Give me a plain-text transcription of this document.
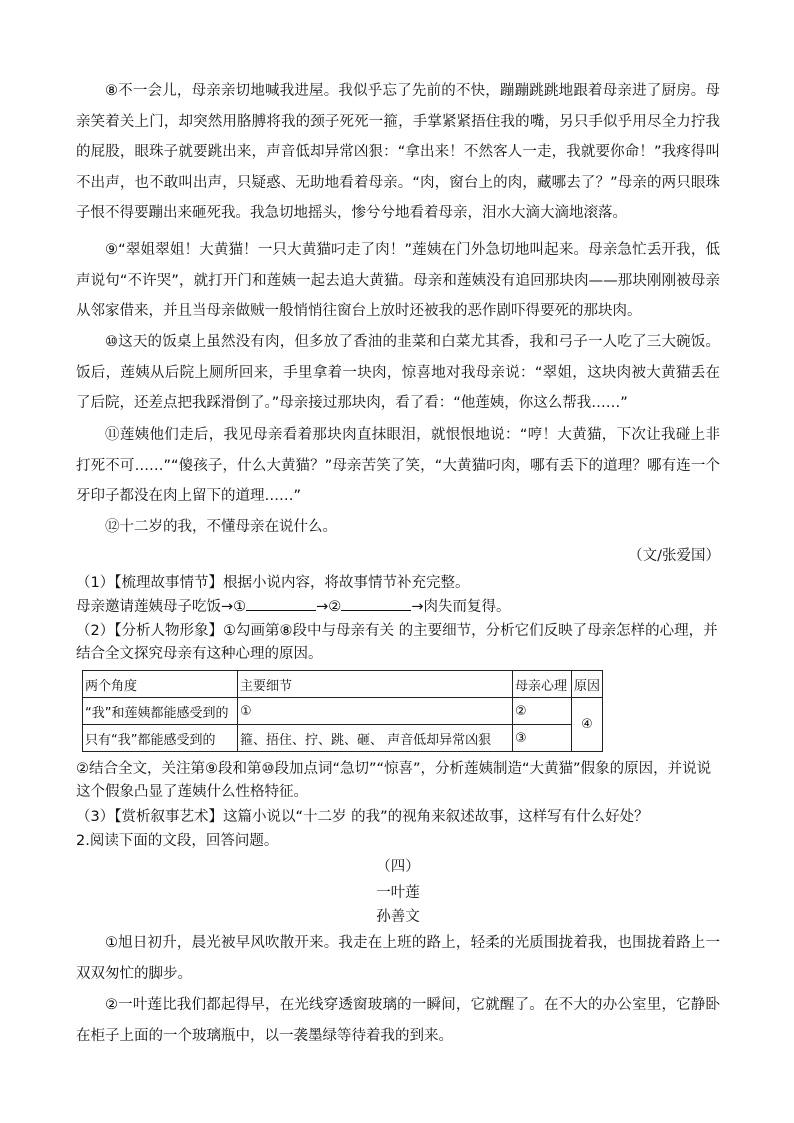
⑧不一会儿，母亲亲切地喊我进屋。我似乎忘了先前的不快，蹦蹦跳跳地跟着母亲进了厨房。母亲笑着关上门，却突然用胳膊将我的颈子死死一箍，手掌紧紧捂住我的嘴，另只手似乎用尽全力拧我的屁股，眼珠子就要跳出来，声音低却异常凶狠：“拿出来！不然客人一走，我就要你命！”我疼得叫不出声，也不敢叫出声，只疑惑、无助地看着母亲。“肉，窗台上的肉，藏哪去了？”母亲的两只眼珠子恨不得要蹦出来砸死我。我急切地摇头，惨兮兮地看着母亲，泪水大滴大滴地滚落。

⑨“翠姐翠姐！大黄猫！一只大黄猫叼走了肉！”莲姨在门外急切地叫起来。母亲急忙丢开我，低声说句“不许哭”，就打开门和莲姨一起去追大黄猫。母亲和莲姨没有追回那块肉——那块刚刚被母亲从邻家借来，并且当母亲做贼一般悄悄往窗台上放时还被我的恶作剧吓得要死的那块肉。

⑩这天的饭桌上虽然没有肉，但多放了香油的韭菜和白菜尤其香，我和弓子一人吃了三大碗饭。饭后，莲姨从后院上厕所回来，手里拿着一块肉，惊喜地对我母亲说：“翠姐，这块肉被大黄猫丢在了后院，还差点把我踩滑倒了。”母亲接过那块肉，看了看：“他莲姨，你这么帮我……”

⑪莲姨他们走后，我见母亲看着那块肉直抹眼泪，就恨恨地说：“哼！大黄猫，下次让我碰上非打死不可……”“傻孩子，什么大黄猫？”母亲苦笑了笑，“大黄猫叼肉，哪有丢下的道理？哪有连一个牙印子都没在肉上留下的道理……”

⑫十二岁的我，不懂母亲在说什么。

（文/张爱国）

（1）【梳理故事情节】根据小说内容，将故事情节补充完整。

母亲邀请莲姨母子吃饭→①	→②	→肉失而复得。

（2）【分析人物形象】①勾画第⑧段中与母亲有关 的主要细节，分析它们反映了母亲怎样的心理，并结合全文探究母亲有这种心理的原因。

两个角度	主要细节	母亲心理	原因
“我”和莲姨都能感受到的	①	②	④
只有“我”都能感受到的	箍、捂住、拧、跳、砸、 声音低却异常凶狠	③	

②结合全文，关注第⑨段和第⑩段加点词“急切”“惊喜”，分析莲姨制造“大黄猫”假象的原因，并说说这个假象凸显了莲姨什么性格特征。

（3）【赏析叙事艺术】这篇小说以“十二岁 的我”的视角来叙述故事，这样写有什么好处？

2.阅读下面的文段，回答问题。

（四）

一叶莲

孙善文

①旭日初升，晨光被早风吹散开来。我走在上班的路上，轻柔的光质围拢着我，也围拢着路上一双双匆忙的脚步。

②一叶莲比我们都起得早，在光线穿透窗玻璃的一瞬间，它就醒了。在不大的办公室里，它静卧在柜子上面的一个玻璃瓶中，以一袭墨绿等待着我的到来。
